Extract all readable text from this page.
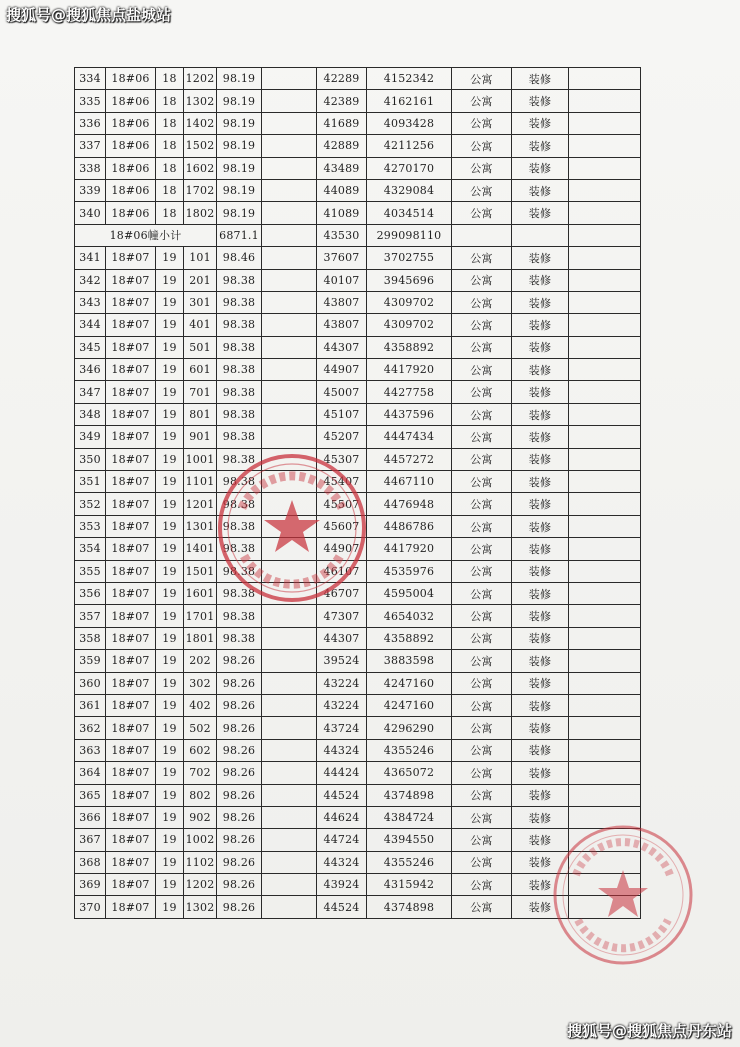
搜狐号@搜狐焦点盐城站
334	18#06	18	1202	98.19		42289	4152342	公寓	装修	
335	18#06	18	1302	98.19		42389	4162161	公寓	装修	
336	18#06	18	1402	98.19		41689	4093428	公寓	装修	
337	18#06	18	1502	98.19		42889	4211256	公寓	装修	
338	18#06	18	1602	98.19		43489	4270170	公寓	装修	
339	18#06	18	1702	98.19		44089	4329084	公寓	装修	
340	18#06	18	1802	98.19		41089	4034514	公寓	装修	
18#06幢小计				6871.1		43530	299098110			
341	18#07	19	101	98.46		37607	3702755	公寓	装修	
342	18#07	19	201	98.38		40107	3945696	公寓	装修	
343	18#07	19	301	98.38		43807	4309702	公寓	装修	
344	18#07	19	401	98.38		43807	4309702	公寓	装修	
345	18#07	19	501	98.38		44307	4358892	公寓	装修	
346	18#07	19	601	98.38		44907	4417920	公寓	装修	
347	18#07	19	701	98.38		45007	4427758	公寓	装修	
348	18#07	19	801	98.38		45107	4437596	公寓	装修	
349	18#07	19	901	98.38		45207	4447434	公寓	装修	
350	18#07	19	1001	98.38		45307	4457272	公寓	装修	
351	18#07	19	1101	98.38		45407	4467110	公寓	装修	
352	18#07	19	1201	98.38		45507	4476948	公寓	装修	
353	18#07	19	1301	98.38		45607	4486786	公寓	装修	
354	18#07	19	1401	98.38		44907	4417920	公寓	装修	
355	18#07	19	1501	98.38		46107	4535976	公寓	装修	
356	18#07	19	1601	98.38		46707	4595004	公寓	装修	
357	18#07	19	1701	98.38		47307	4654032	公寓	装修	
358	18#07	19	1801	98.38		44307	4358892	公寓	装修	
359	18#07	19	202	98.26		39524	3883598	公寓	装修	
360	18#07	19	302	98.26		43224	4247160	公寓	装修	
361	18#07	19	402	98.26		43224	4247160	公寓	装修	
362	18#07	19	502	98.26		43724	4296290	公寓	装修	
363	18#07	19	602	98.26		44324	4355246	公寓	装修	
364	18#07	19	702	98.26		44424	4365072	公寓	装修	
365	18#07	19	802	98.26		44524	4374898	公寓	装修	
366	18#07	19	902	98.26		44624	4384724	公寓	装修	
367	18#07	19	1002	98.26		44724	4394550	公寓	装修	
368	18#07	19	1102	98.26		44324	4355246	公寓	装修	
369	18#07	19	1202	98.26		43924	4315942	公寓	装修	
370	18#07	19	1302	98.26		44524	4374898	公寓	装修	
搜狐号@搜狐焦点丹东站
